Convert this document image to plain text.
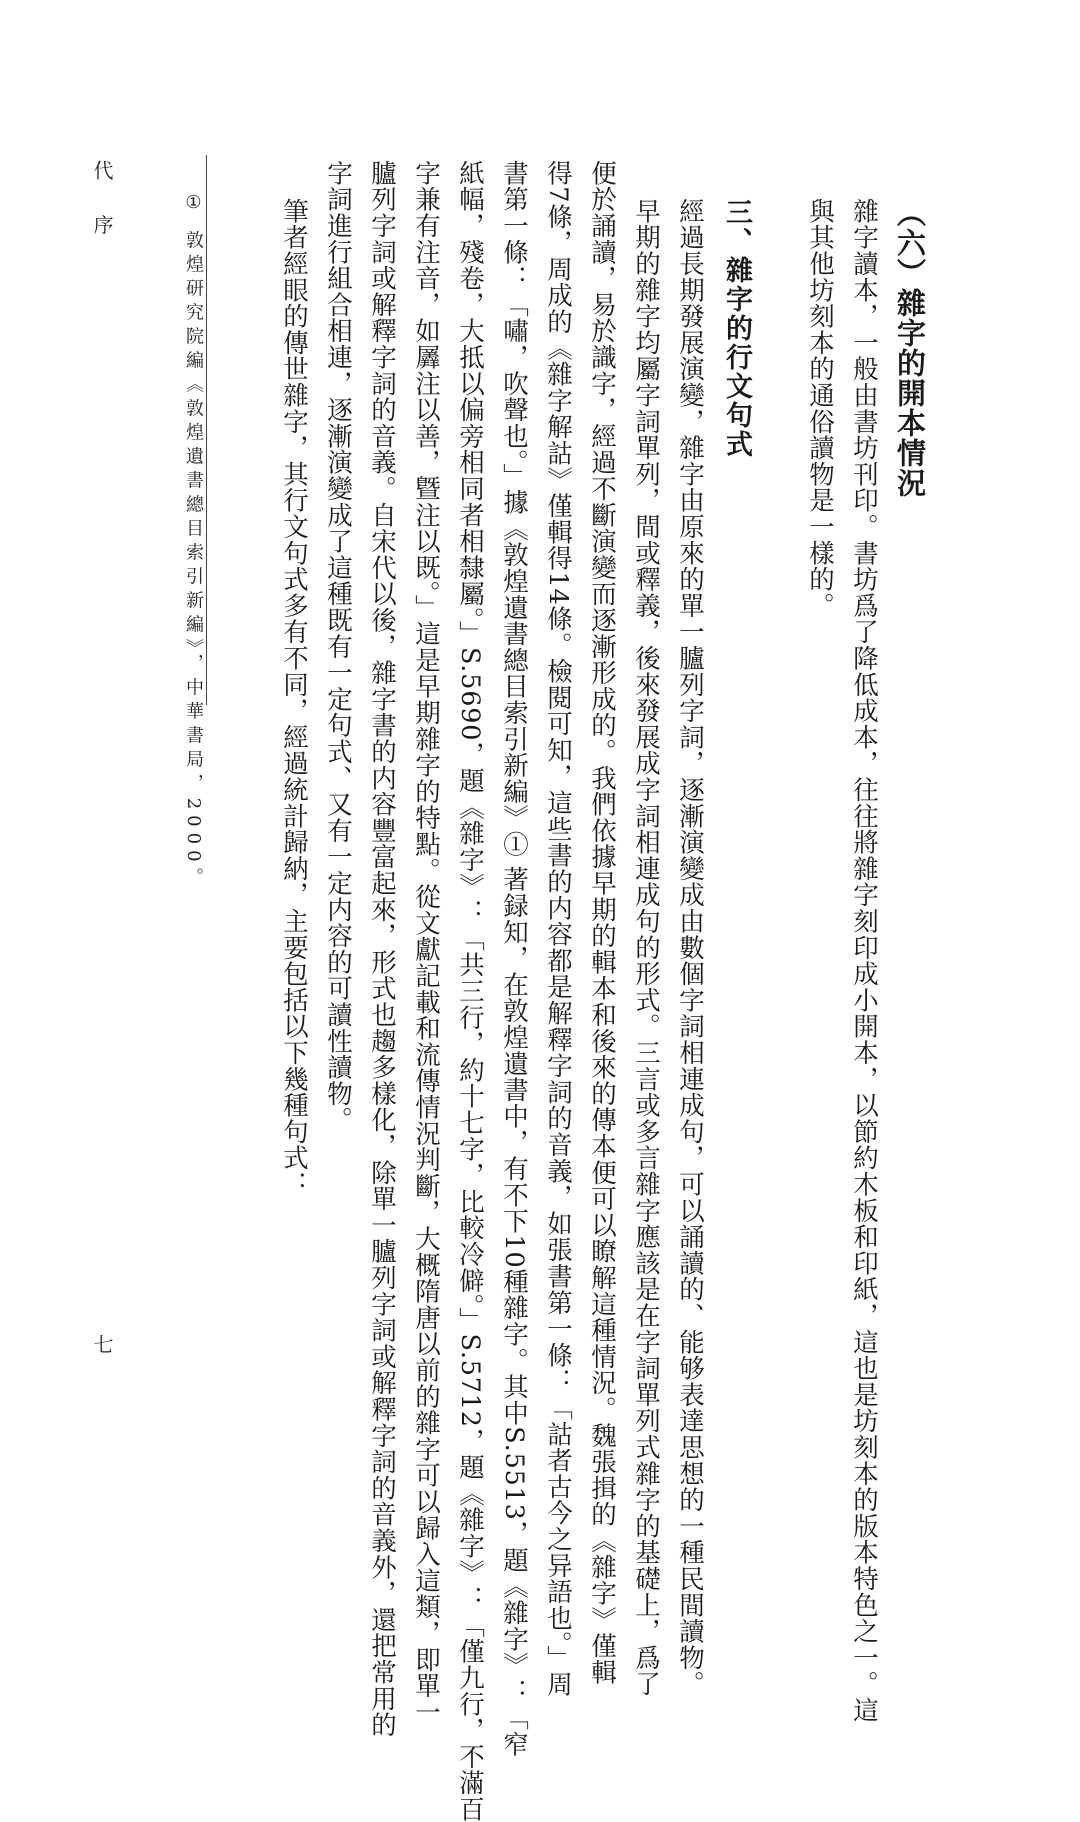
（六）雜字的開本情況
雜字讀本，一般由書坊刊印。書坊爲了降低成本，往往將雜字刻印成小開本，以節約木板和印紙，這也是坊刻本的版本特色之一。這
與其他坊刻本的通俗讀物是一樣的。
三、雜字的行文句式
經過長期發展演變，雜字由原來的單一臚列字詞，逐漸演變成由數個字詞相連成句，可以誦讀的、能够表達思想的一種民間讀物。
早期的雜字均屬字詞單列，間或釋義，後來發展成字詞相連成句的形式。三言或多言雜字應該是在字詞單列式雜字的基礎上，爲了
便於誦讀，易於識字，經過不斷演變而逐漸形成的。我們依據早期的輯本和後來的傳本便可以瞭解這種情況。魏張揖的《雜字》僅輯
得7條，周成的《雜字解詁》僅輯得14條。檢閱可知，這些書的内容都是解釋字詞的音義，如張書第一條：「詁者古今之异語也。」周
書第一條：「嘯，吹聲也。」據《敦煌遺書總目索引新編》① 著録知，在敦煌遺書中，有不下10種雜字。其中S.5513，題《雜字》：「窄
紙幅，殘卷，大抵以偏旁相同者相隸屬。」S.5690，題《雜字》：「共三行，約十七字，比較冷僻。」S.5712，題《雜字》：「僅九行，不滿百
字兼有注音，如羼注以善，曁注以既。」這是早期雜字的特點。從文獻記載和流傳情況判斷，大概隋唐以前的雜字可以歸入這類，即單一
臚列字詞或解釋字詞的音義。自宋代以後，雜字書的内容豐富起來，形式也趨多樣化，除單一臚列字詞或解釋字詞的音義外，還把常用的
字詞進行組合相連，逐漸演變成了這種既有一定句式、又有一定内容的可讀性讀物。
筆者經眼的傳世雜字，其行文句式多有不同，經過統計歸納，主要包括以下幾種句式：
① 敦煌研究院編《敦煌遺書總目索引新編》，中華書局，2000。
代 序
七
